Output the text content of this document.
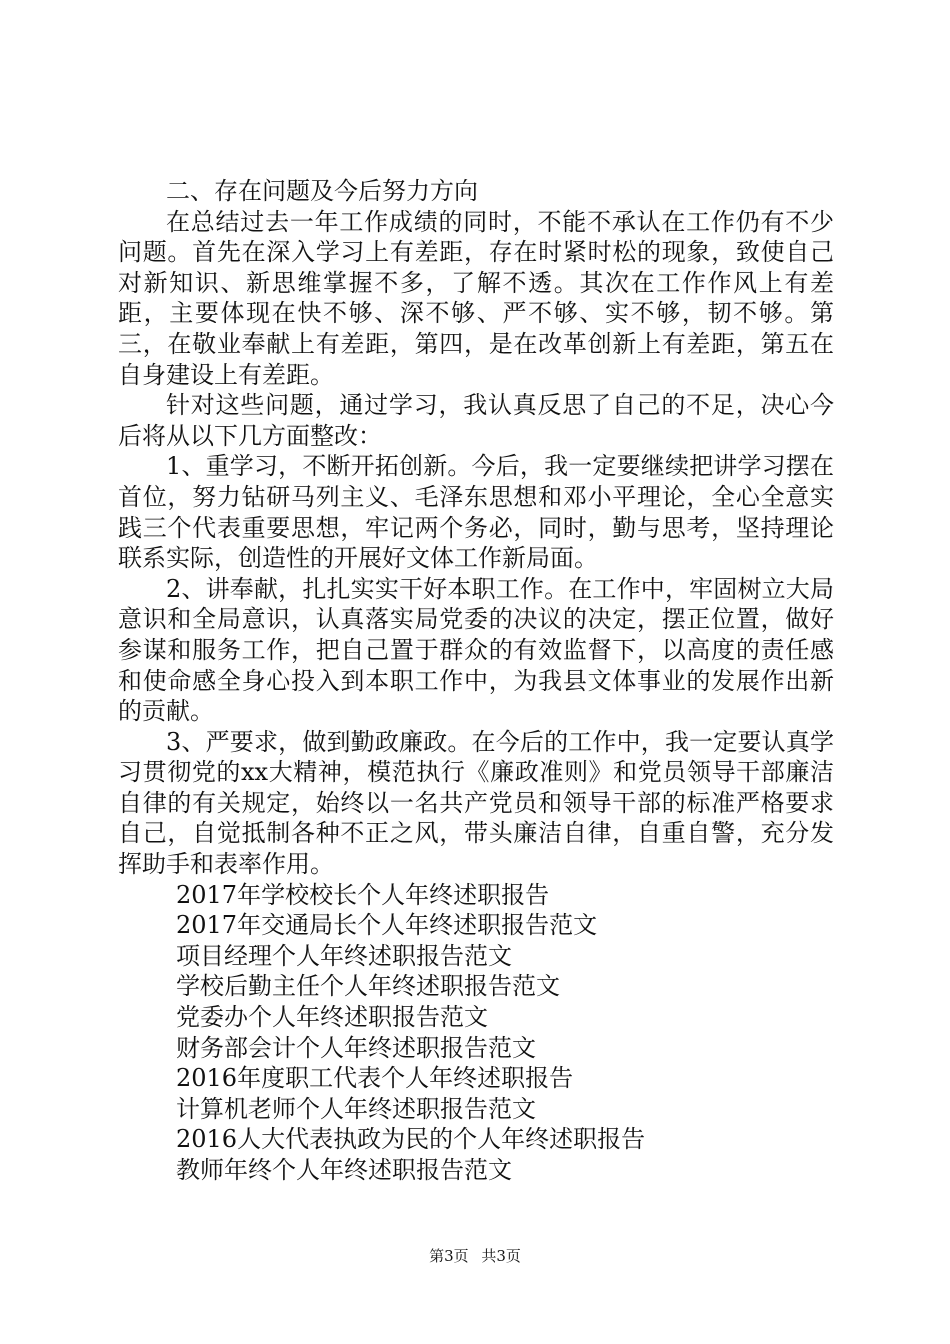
二、存在问题及今后努力方向

在总结过去一年工作成绩的同时，不能不承认在工作仍有不少问题。首先在深入学习上有差距，存在时紧时松的现象，致使自己对新知识、新思维掌握不多，了解不透。其次在工作作风上有差距，主要体现在快不够、深不够、严不够、实不够，韧不够。第三，在敬业奉献上有差距，第四，是在改革创新上有差距，第五在自身建设上有差距。

针对这些问题，通过学习，我认真反思了自己的不足，决心今后将从以下几方面整改：

1、重学习，不断开拓创新。今后，我一定要继续把讲学习摆在首位，努力钻研马列主义、毛泽东思想和邓小平理论，全心全意实践三个代表重要思想，牢记两个务必，同时，勤与思考，坚持理论联系实际，创造性的开展好文体工作新局面。

2、讲奉献，扎扎实实干好本职工作。在工作中，牢固树立大局意识和全局意识，认真落实局党委的决议的决定，摆正位置，做好参谋和服务工作，把自己置于群众的有效监督下，以高度的责任感和使命感全身心投入到本职工作中，为我县文体事业的发展作出新的贡献。

3、严要求，做到勤政廉政。在今后的工作中，我一定要认真学习贯彻党的xx大精神，模范执行《廉政准则》和党员领导干部廉洁自律的有关规定，始终以一名共产党员和领导干部的标准严格要求自己，自觉抵制各种不正之风，带头廉洁自律，自重自警，充分发挥助手和表率作用。

2017年学校校长个人年终述职报告
2017年交通局长个人年终述职报告范文
项目经理个人年终述职报告范文
学校后勤主任个人年终述职报告范文
党委办个人年终述职报告范文
财务部会计个人年终述职报告范文
2016年度职工代表个人年终述职报告
计算机老师个人年终述职报告范文
2016人大代表执政为民的个人年终述职报告
教师年终个人年终述职报告范文
第3页 共3页
